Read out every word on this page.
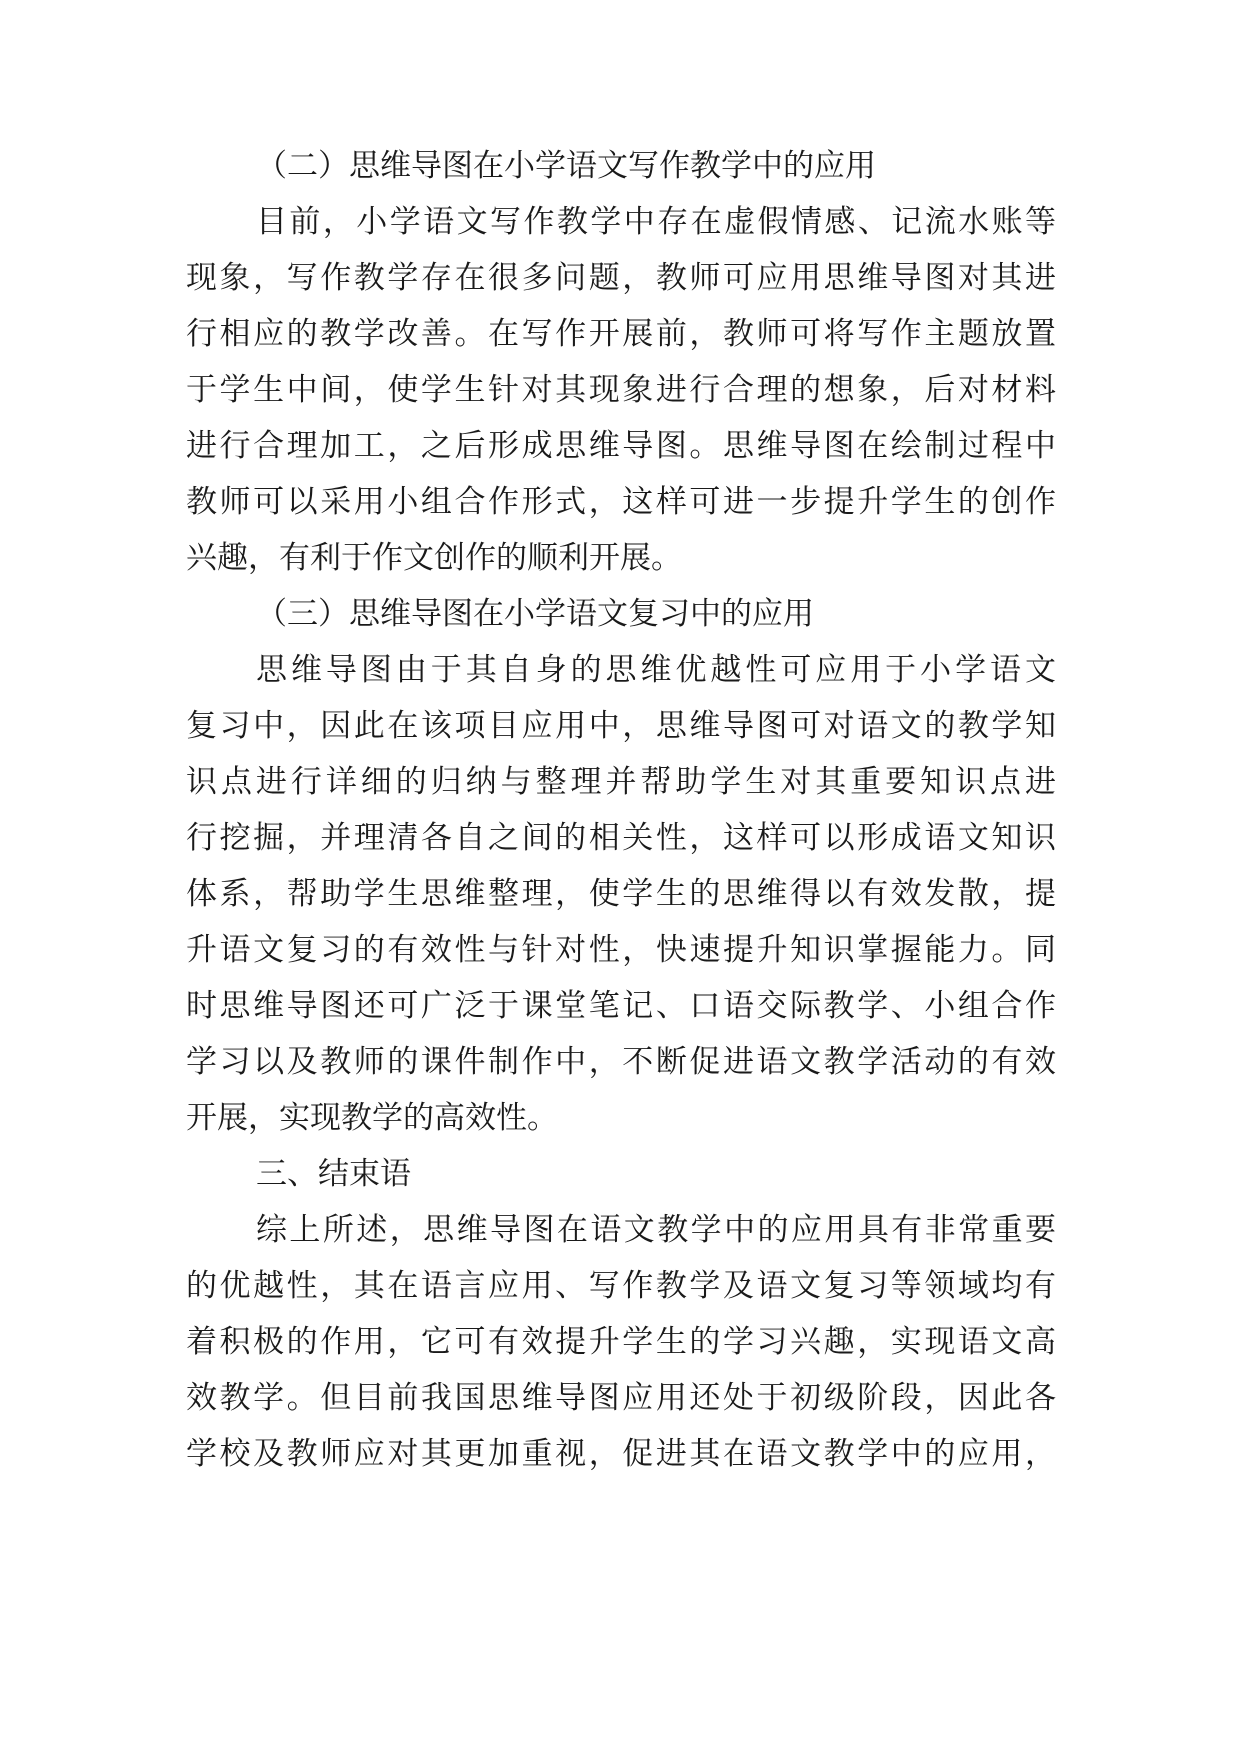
（二）思维导图在小学语文写作教学中的应用
目前，小学语文写作教学中存在虚假情感、记流水账等
现象，写作教学存在很多问题，教师可应用思维导图对其进
行相应的教学改善。在写作开展前，教师可将写作主题放置
于学生中间，使学生针对其现象进行合理的想象，后对材料
进行合理加工，之后形成思维导图。思维导图在绘制过程中
教师可以采用小组合作形式，这样可进一步提升学生的创作
兴趣，有利于作文创作的顺利开展。
（三）思维导图在小学语文复习中的应用
思维导图由于其自身的思维优越性可应用于小学语文
复习中，因此在该项目应用中，思维导图可对语文的教学知
识点进行详细的归纳与整理并帮助学生对其重要知识点进
行挖掘，并理清各自之间的相关性，这样可以形成语文知识
体系，帮助学生思维整理，使学生的思维得以有效发散，提
升语文复习的有效性与针对性，快速提升知识掌握能力。同
时思维导图还可广泛于课堂笔记、口语交际教学、小组合作
学习以及教师的课件制作中，不断促进语文教学活动的有效
开展，实现教学的高效性。
三、结束语
综上所述，思维导图在语文教学中的应用具有非常重要
的优越性，其在语言应用、写作教学及语文复习等领域均有
着积极的作用，它可有效提升学生的学习兴趣，实现语文高
效教学。但目前我国思维导图应用还处于初级阶段，因此各
学校及教师应对其更加重视，促进其在语文教学中的应用，
